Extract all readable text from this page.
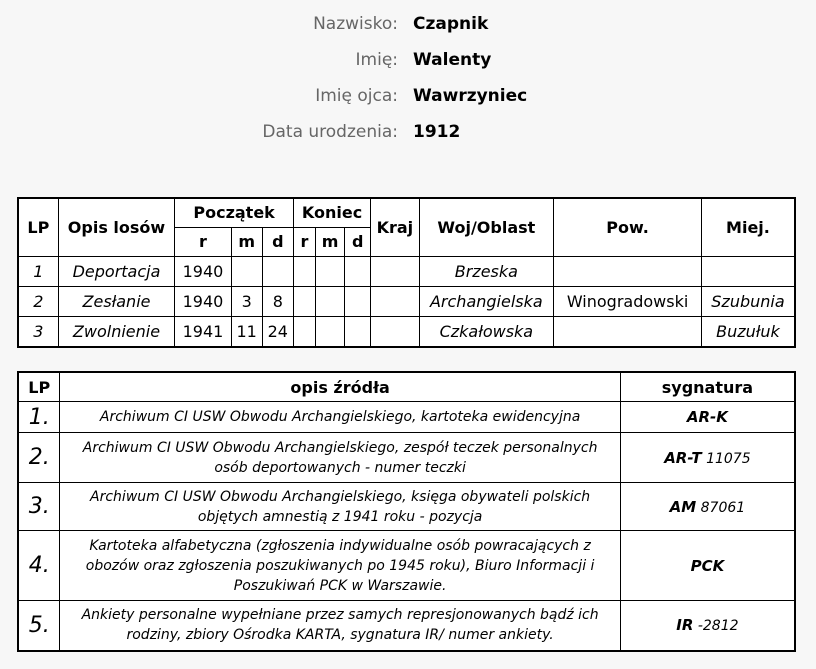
Nazwisko: Czapnik
Imię: Walenty
Imię ojca: Wawrzyniec
Data urodzenia: 1912
LP	Opis losów	Początek			Koniec			Kraj	Woj/Oblast	Pow.	Miej.
		r	m	d	r	m	d				
1	Deportacja	1940							Brzeska		
2	Zesłanie	1940	3	8					Archangielska	Winogradowski	Szubunia
3	Zwolnienie	1941	11	24					Czkałowska		Buzułuk
LP	opis źródła	sygnatura
1.	Archiwum CI USW Obwodu Archangielskiego, kartoteka ewidencyjna	AR-K
2.	Archiwum CI USW Obwodu Archangielskiego, zespół teczek personalnych osób deportowanych - numer teczki	AR-T 11075
3.	Archiwum CI USW Obwodu Archangielskiego, księga obywateli polskich objętych amnestią z 1941 roku - pozycja	AM 87061
4.	Kartoteka alfabetyczna (zgłoszenia indywidualne osób powracających z obozów oraz zgłoszenia poszukiwanych po 1945 roku), Biuro Informacji i Poszukiwań PCK w Warszawie.	PCK
5.	Ankiety personalne wypełniane przez samych represjonowanych bądź ich rodziny, zbiory Ośrodka KARTA, sygnatura IR/ numer ankiety.	IR -2812
